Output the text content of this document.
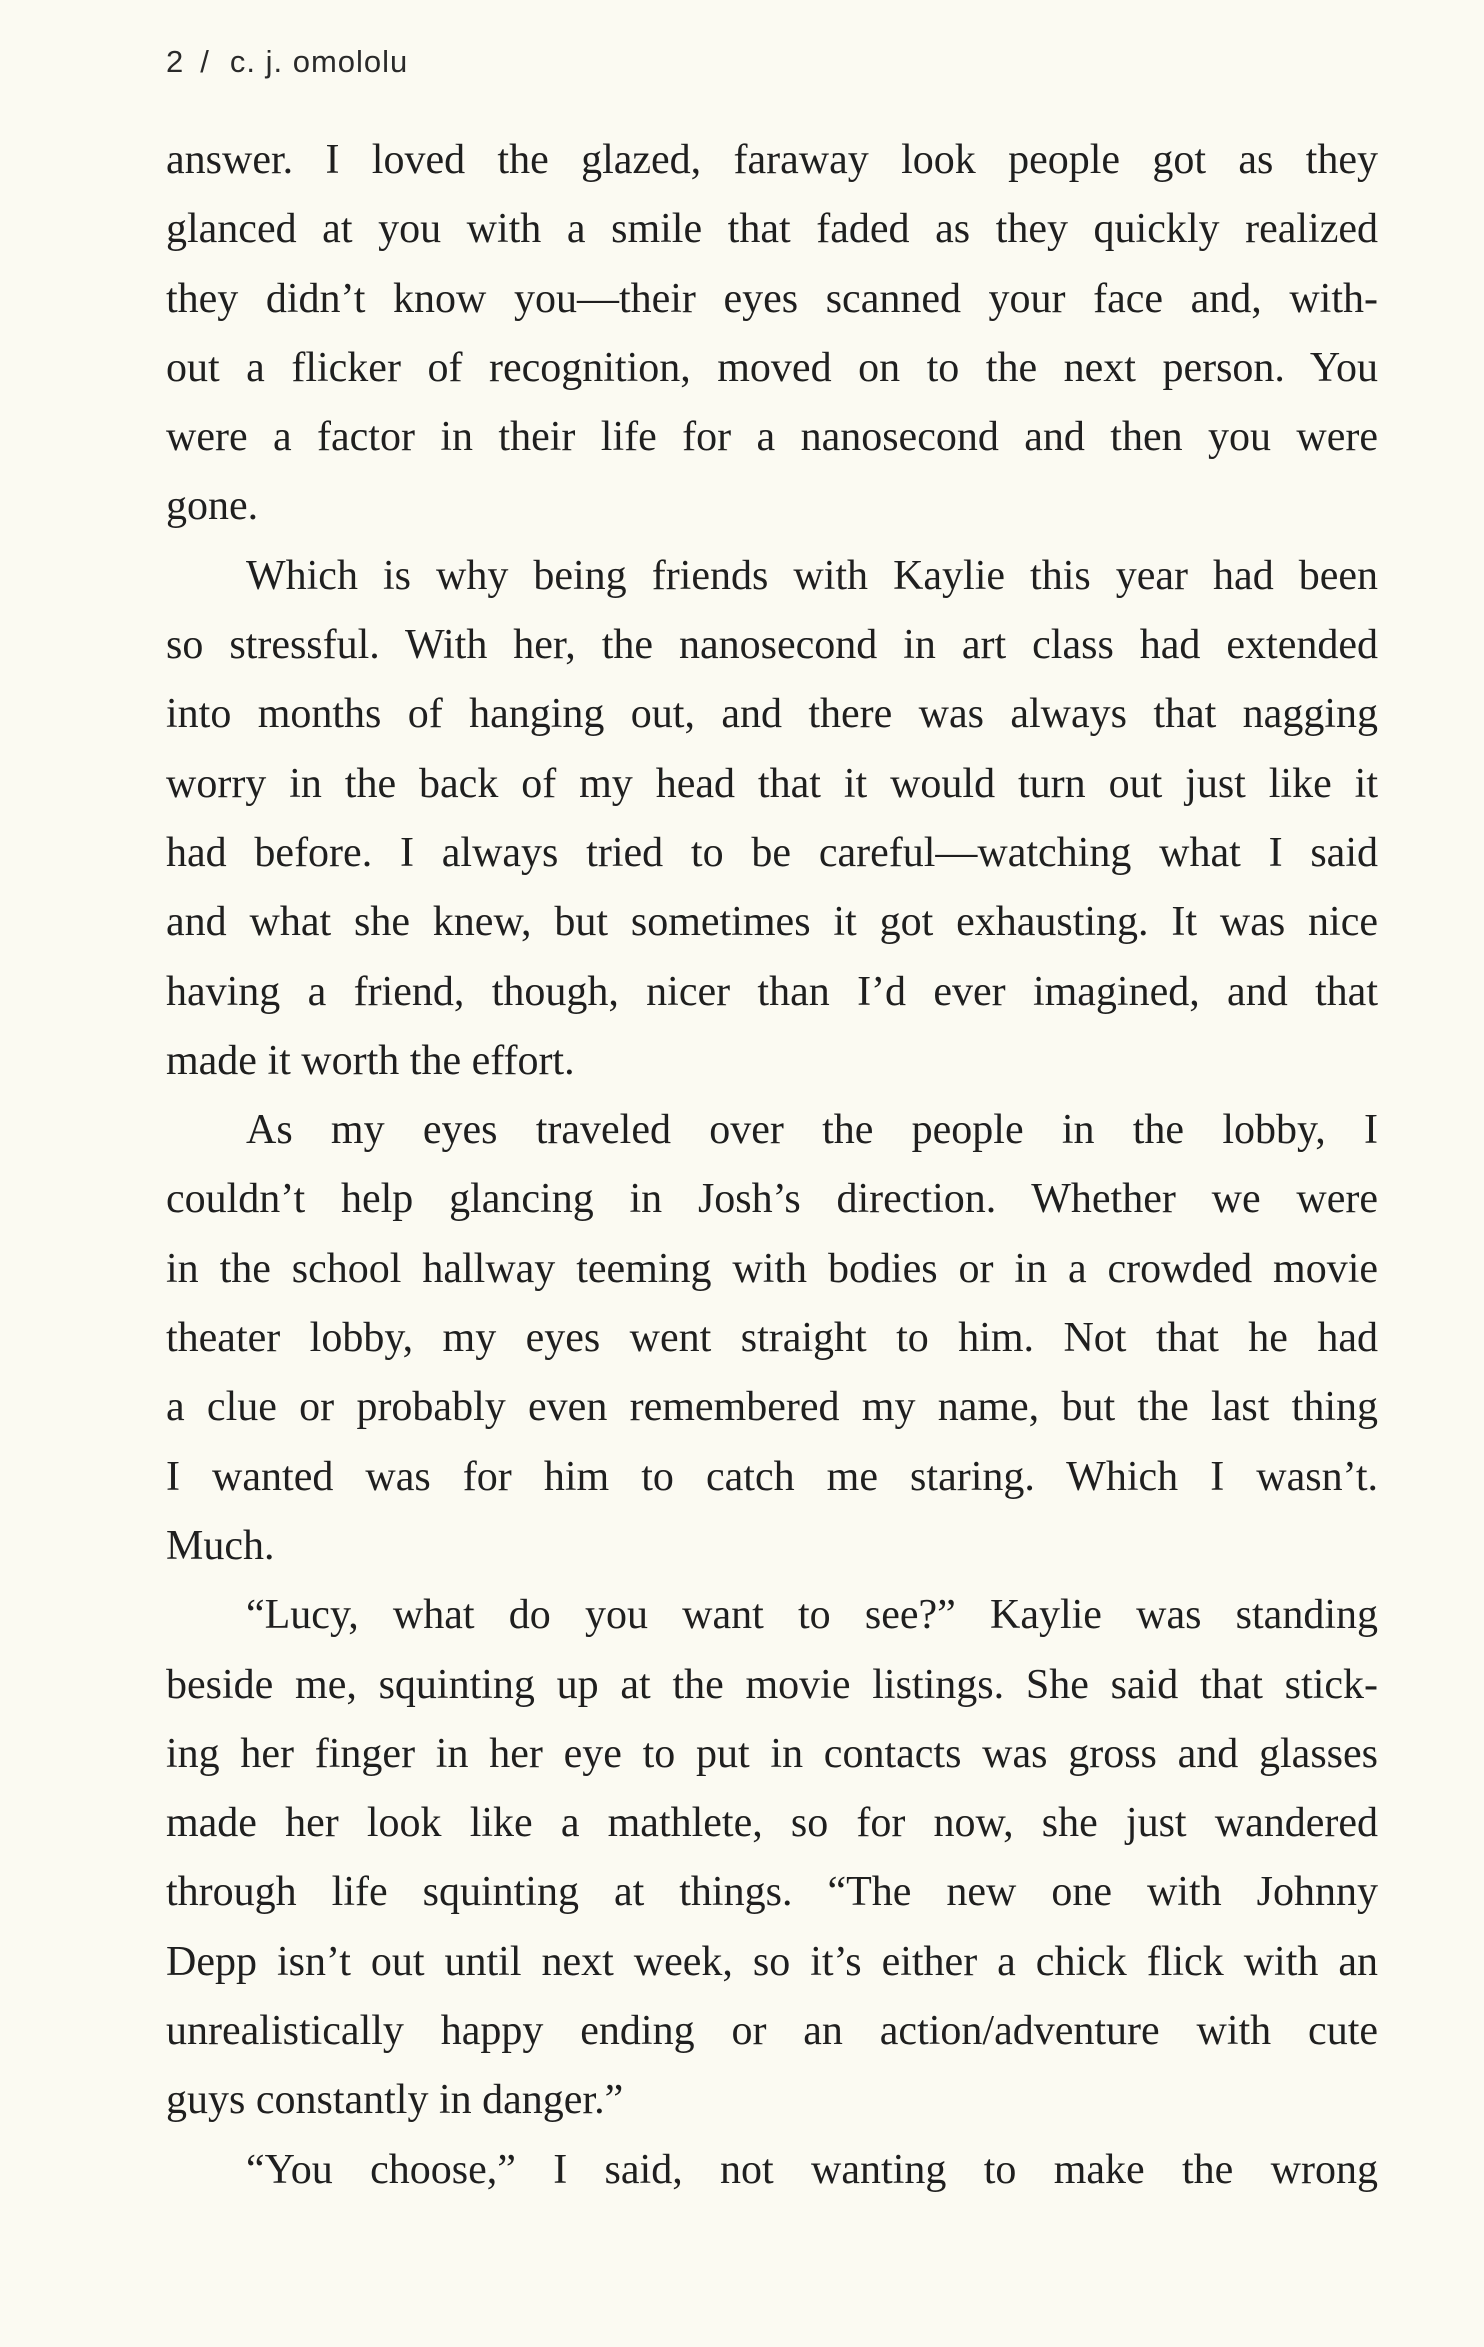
2 / c. j. omololu
answer. I loved the glazed, faraway look people got as they
glanced at you with a smile that faded as they quickly realized
they didn’t know you—their eyes scanned your face and, with-
out a flicker of recognition, moved on to the next person. You
were a factor in their life for a nanosecond and then you were
gone.
Which is why being friends with Kaylie this year had been
so stressful. With her, the nanosecond in art class had extended
into months of hanging out, and there was always that nagging
worry in the back of my head that it would turn out just like it
had before. I always tried to be careful—watching what I said
and what she knew, but sometimes it got exhausting. It was nice
having a friend, though, nicer than I’d ever imagined, and that
made it worth the effort.
As my eyes traveled over the people in the lobby, I
couldn’t help glancing in Josh’s direction. Whether we were
in the school hallway teeming with bodies or in a crowded movie
theater lobby, my eyes went straight to him. Not that he had
a clue or probably even remembered my name, but the last thing
I wanted was for him to catch me staring. Which I wasn’t.
Much.
“Lucy, what do you want to see?” Kaylie was standing
beside me, squinting up at the movie listings. She said that stick-
ing her finger in her eye to put in contacts was gross and glasses
made her look like a mathlete, so for now, she just wandered
through life squinting at things. “The new one with Johnny
Depp isn’t out until next week, so it’s either a chick flick with an
unrealistically happy ending or an action/adventure with cute
guys constantly in danger.”
“You choose,” I said, not wanting to make the wrong
